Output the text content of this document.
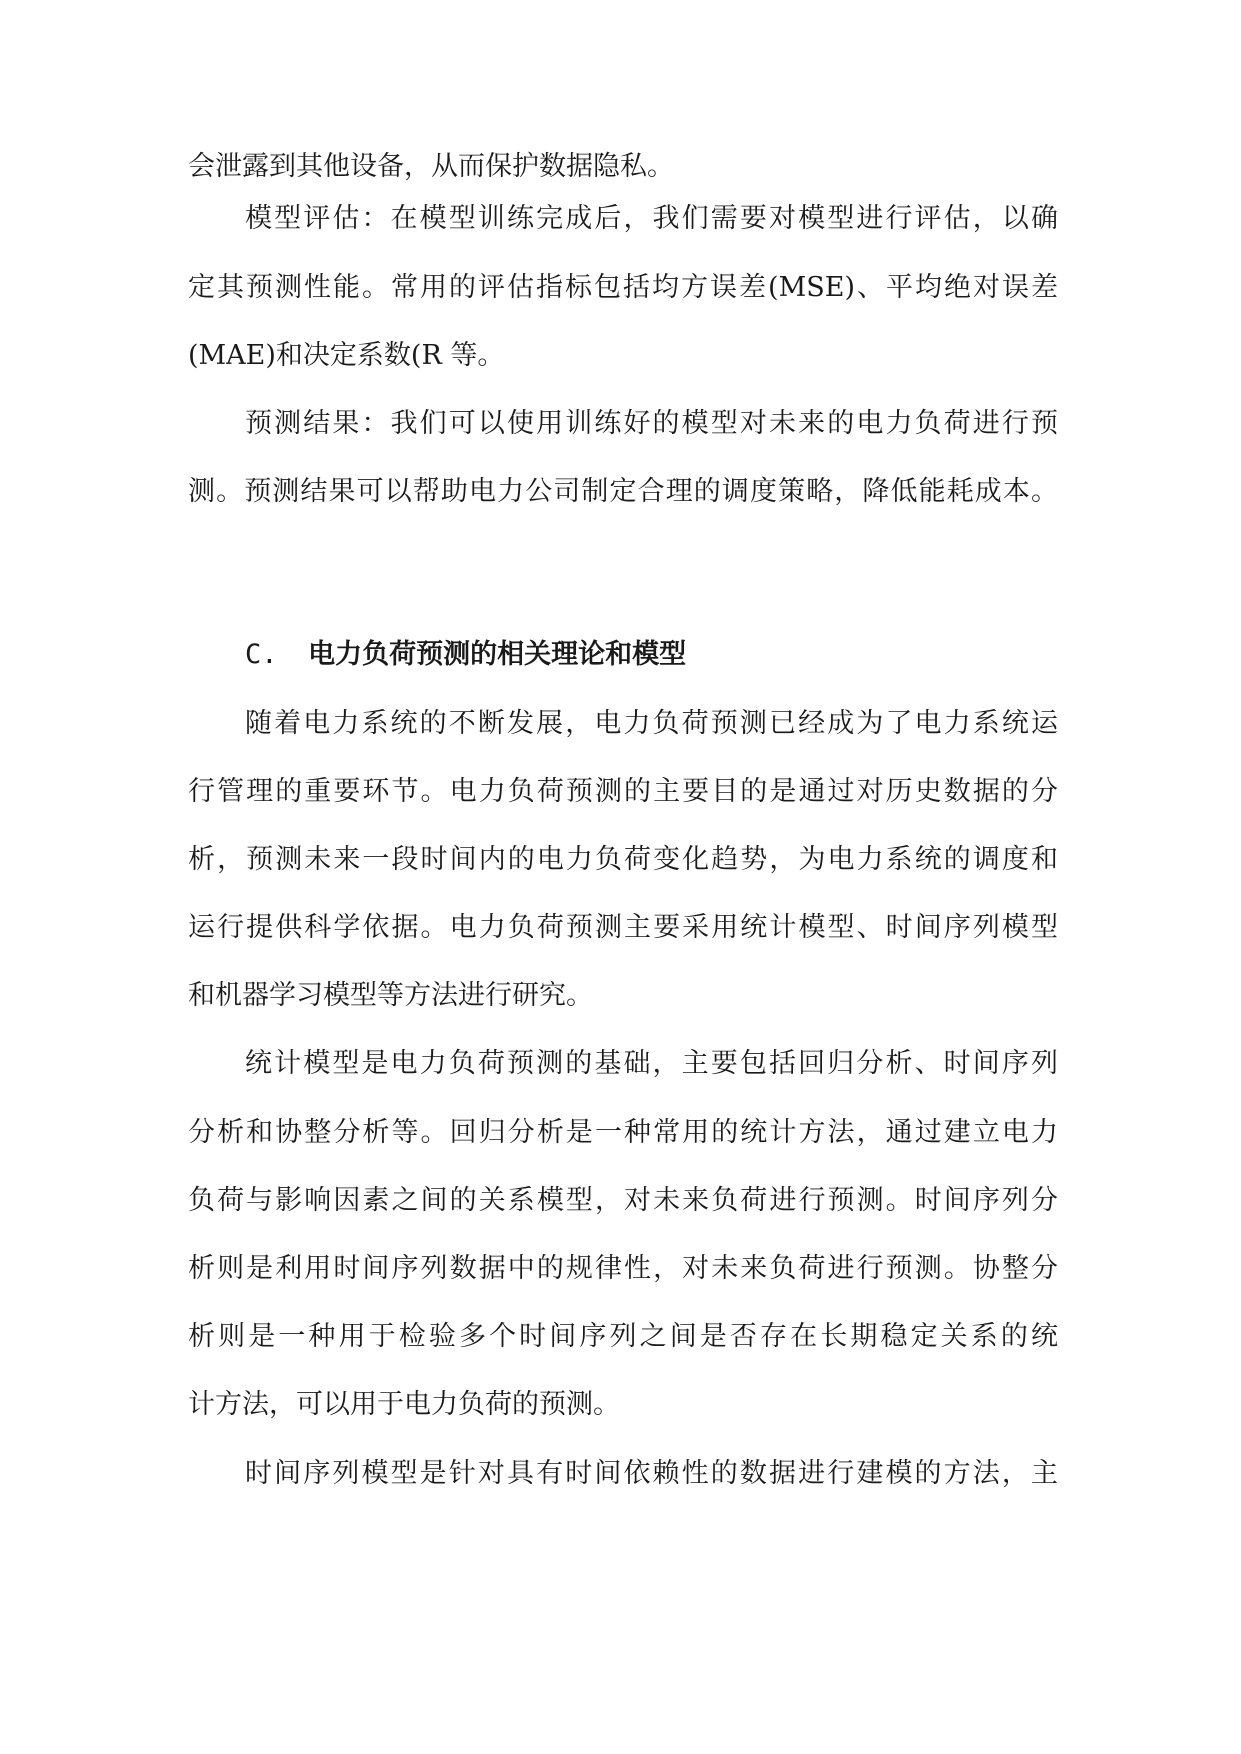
会泄露到其他设备，从而保护数据隐私。
模型评估：在模型训练完成后，我们需要对模型进行评估，以确
定其预测性能。常用的评估指标包括均方误差(MSE)、平均绝对误差
(MAE)和决定系数(R 等。
预测结果：我们可以使用训练好的模型对未来的电力负荷进行预
测。预测结果可以帮助电力公司制定合理的调度策略，降低能耗成本。
C. 电力负荷预测的相关理论和模型
随着电力系统的不断发展，电力负荷预测已经成为了电力系统运
行管理的重要环节。电力负荷预测的主要目的是通过对历史数据的分
析，预测未来一段时间内的电力负荷变化趋势，为电力系统的调度和
运行提供科学依据。电力负荷预测主要采用统计模型、时间序列模型
和机器学习模型等方法进行研究。
统计模型是电力负荷预测的基础，主要包括回归分析、时间序列
分析和协整分析等。回归分析是一种常用的统计方法，通过建立电力
负荷与影响因素之间的关系模型，对未来负荷进行预测。时间序列分
析则是利用时间序列数据中的规律性，对未来负荷进行预测。协整分
析则是一种用于检验多个时间序列之间是否存在长期稳定关系的统
计方法，可以用于电力负荷的预测。
时间序列模型是针对具有时间依赖性的数据进行建模的方法，主
